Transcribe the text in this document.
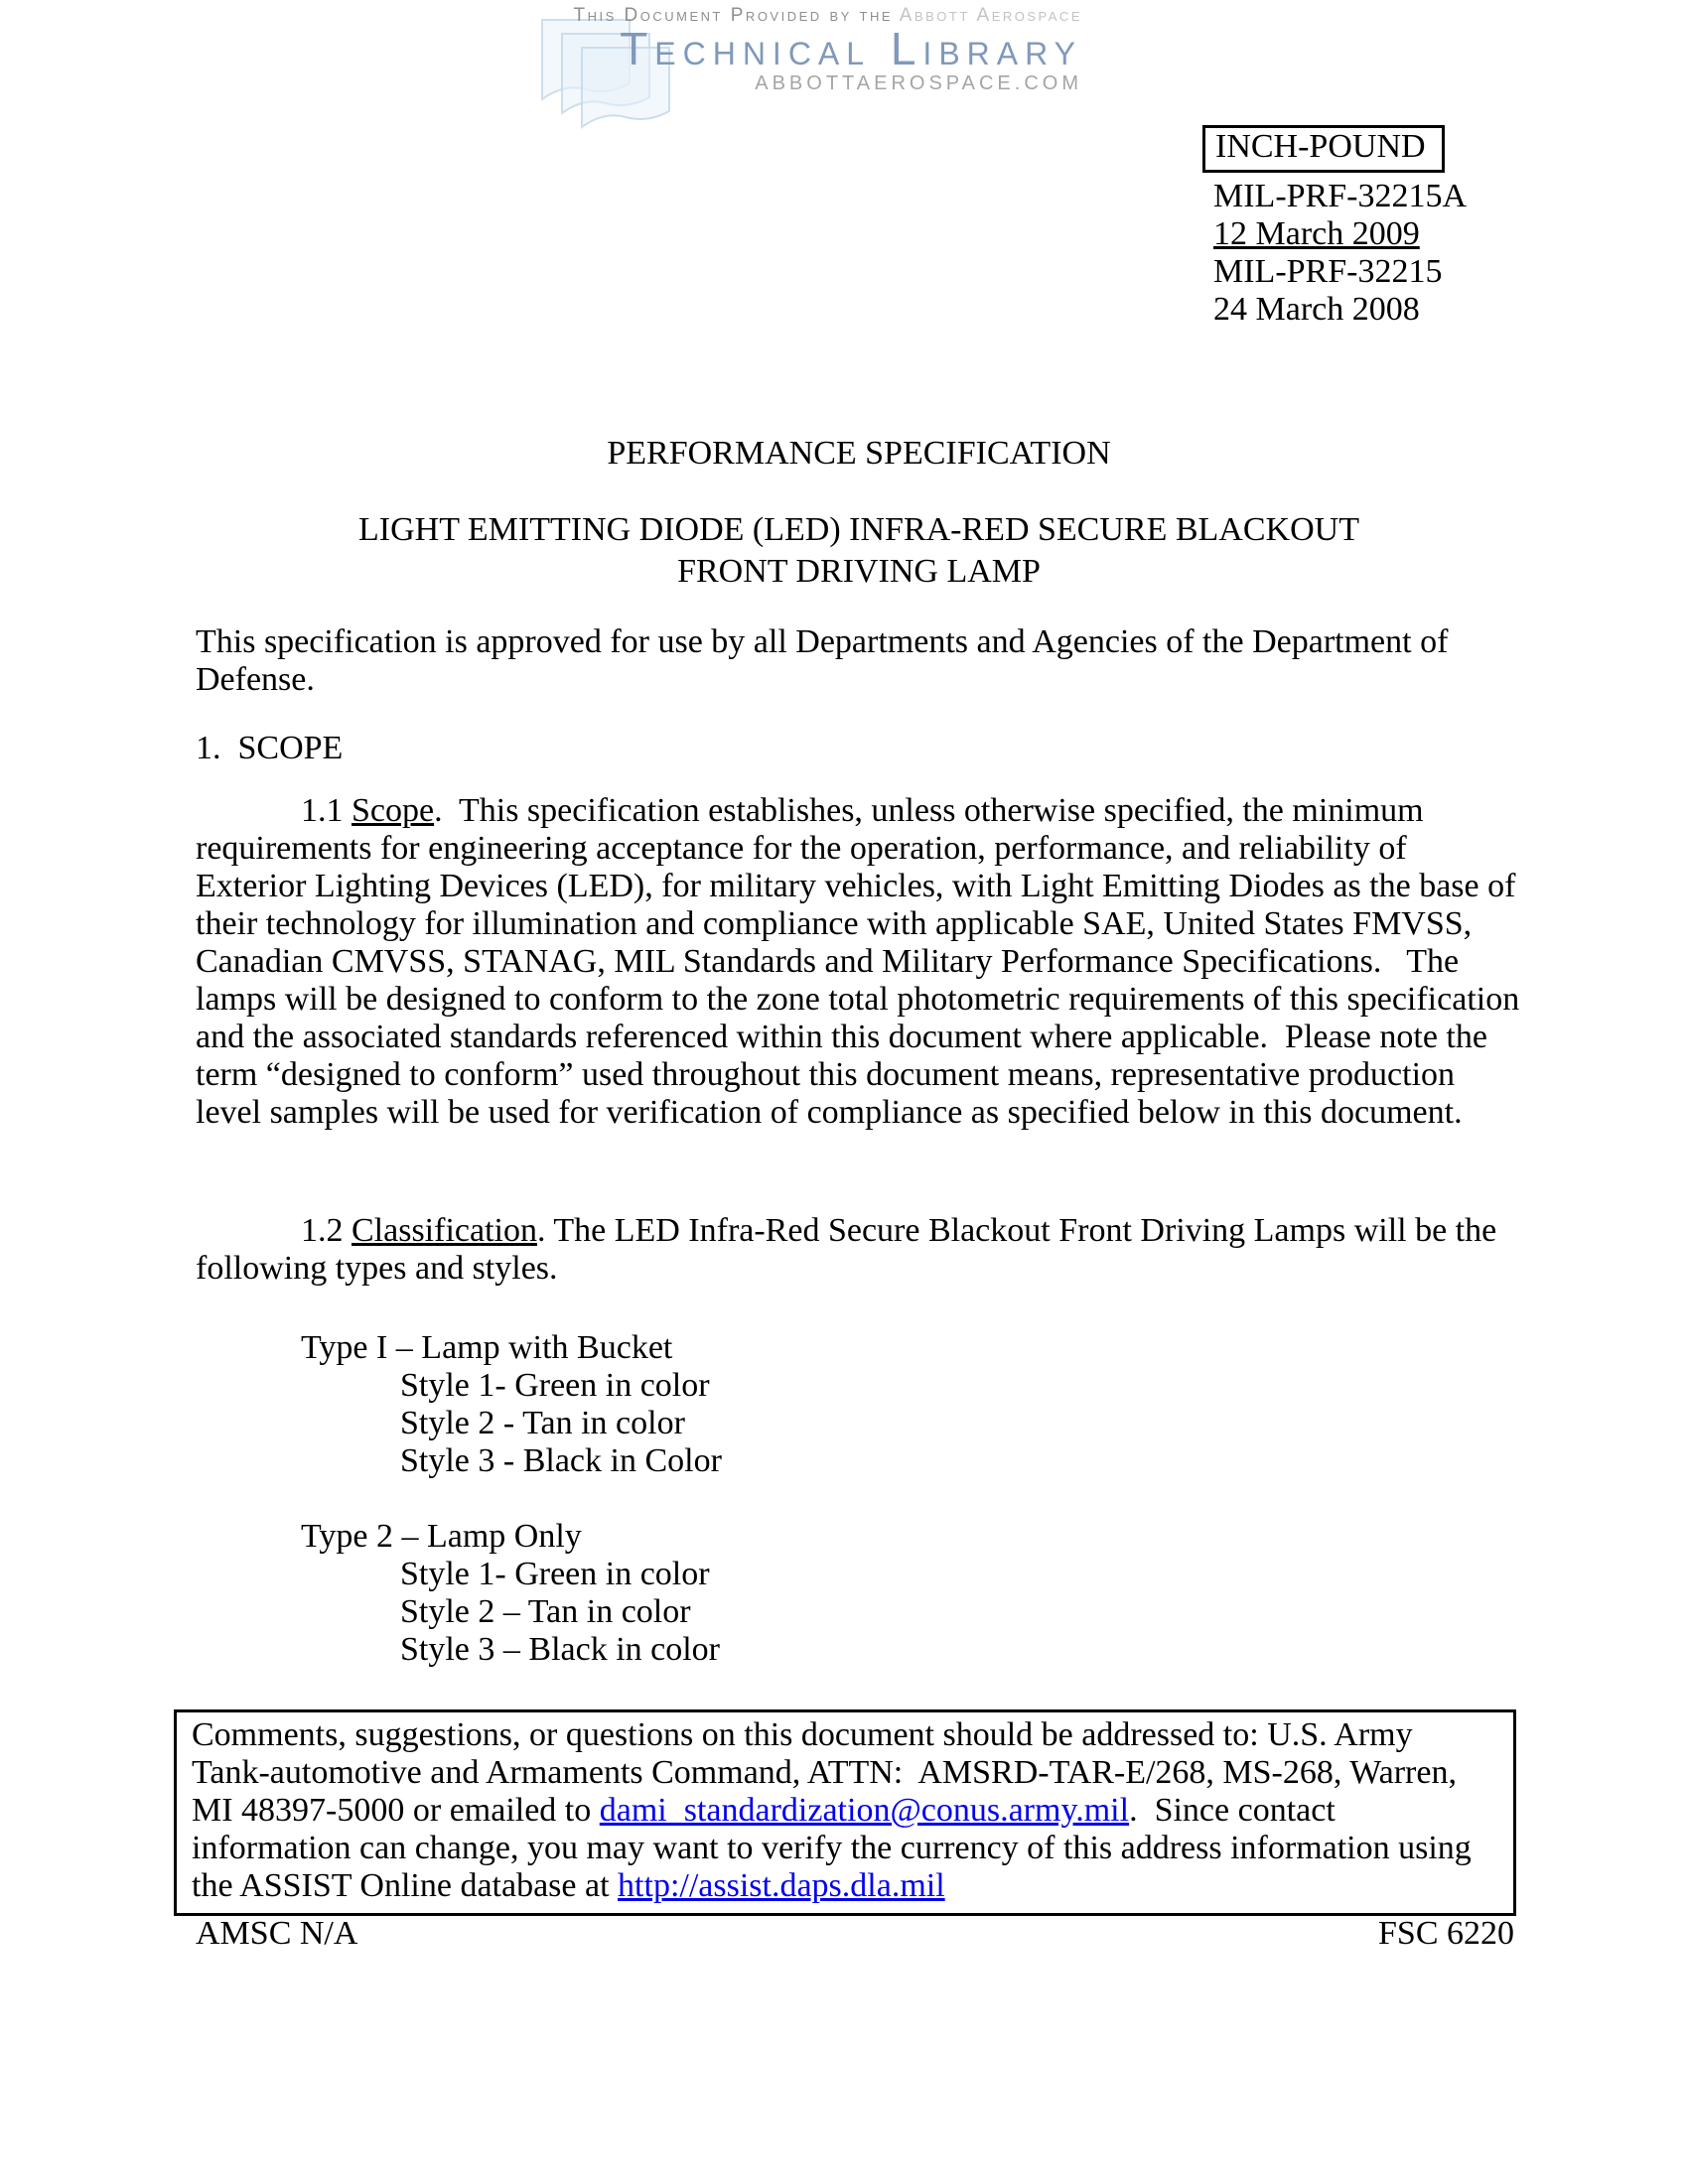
This Document Provided by the Abbott Aerospace
Technical Library
ABBOTTAEROSPACE.COM
INCH-POUND
MIL-PRF-32215A
12 March 2009
MIL-PRF-32215
24 March 2008
PERFORMANCE SPECIFICATION
LIGHT EMITTING DIODE (LED) INFRA-RED SECURE BLACKOUT
FRONT DRIVING LAMP
This specification is approved for use by all Departments and Agencies of the Department of Defense.
1.  SCOPE
1.1 Scope.  This specification establishes, unless otherwise specified, the minimum requirements for engineering acceptance for the operation, performance, and reliability of Exterior Lighting Devices (LED), for military vehicles, with Light Emitting Diodes as the base of their technology for illumination and compliance with applicable SAE, United States FMVSS, Canadian CMVSS, STANAG, MIL Standards and Military Performance Specifications.   The lamps will be designed to conform to the zone total photometric requirements of this specification and the associated standards referenced within this document where applicable.  Please note the term “designed to conform” used throughout this document means, representative production level samples will be used for verification of compliance as specified below in this document.
1.2 Classification. The LED Infra-Red Secure Blackout Front Driving Lamps will be the following types and styles.
Type I – Lamp with Bucket
Style 1- Green in color
Style 2 - Tan in color
Style 3 - Black in Color
Type 2 – Lamp Only
Style 1- Green in color
Style 2 – Tan in color
Style 3 – Black in color
Comments, suggestions, or questions on this document should be addressed to: U.S. Army Tank-automotive and Armaments Command, ATTN:  AMSRD-TAR-E/268, MS-268, Warren, MI 48397-5000 or emailed to dami_standardization@conus.army.mil.  Since contact information can change, you may want to verify the currency of this address information using the ASSIST Online database at http://assist.daps.dla.mil
AMSC N/A	FSC 6220
